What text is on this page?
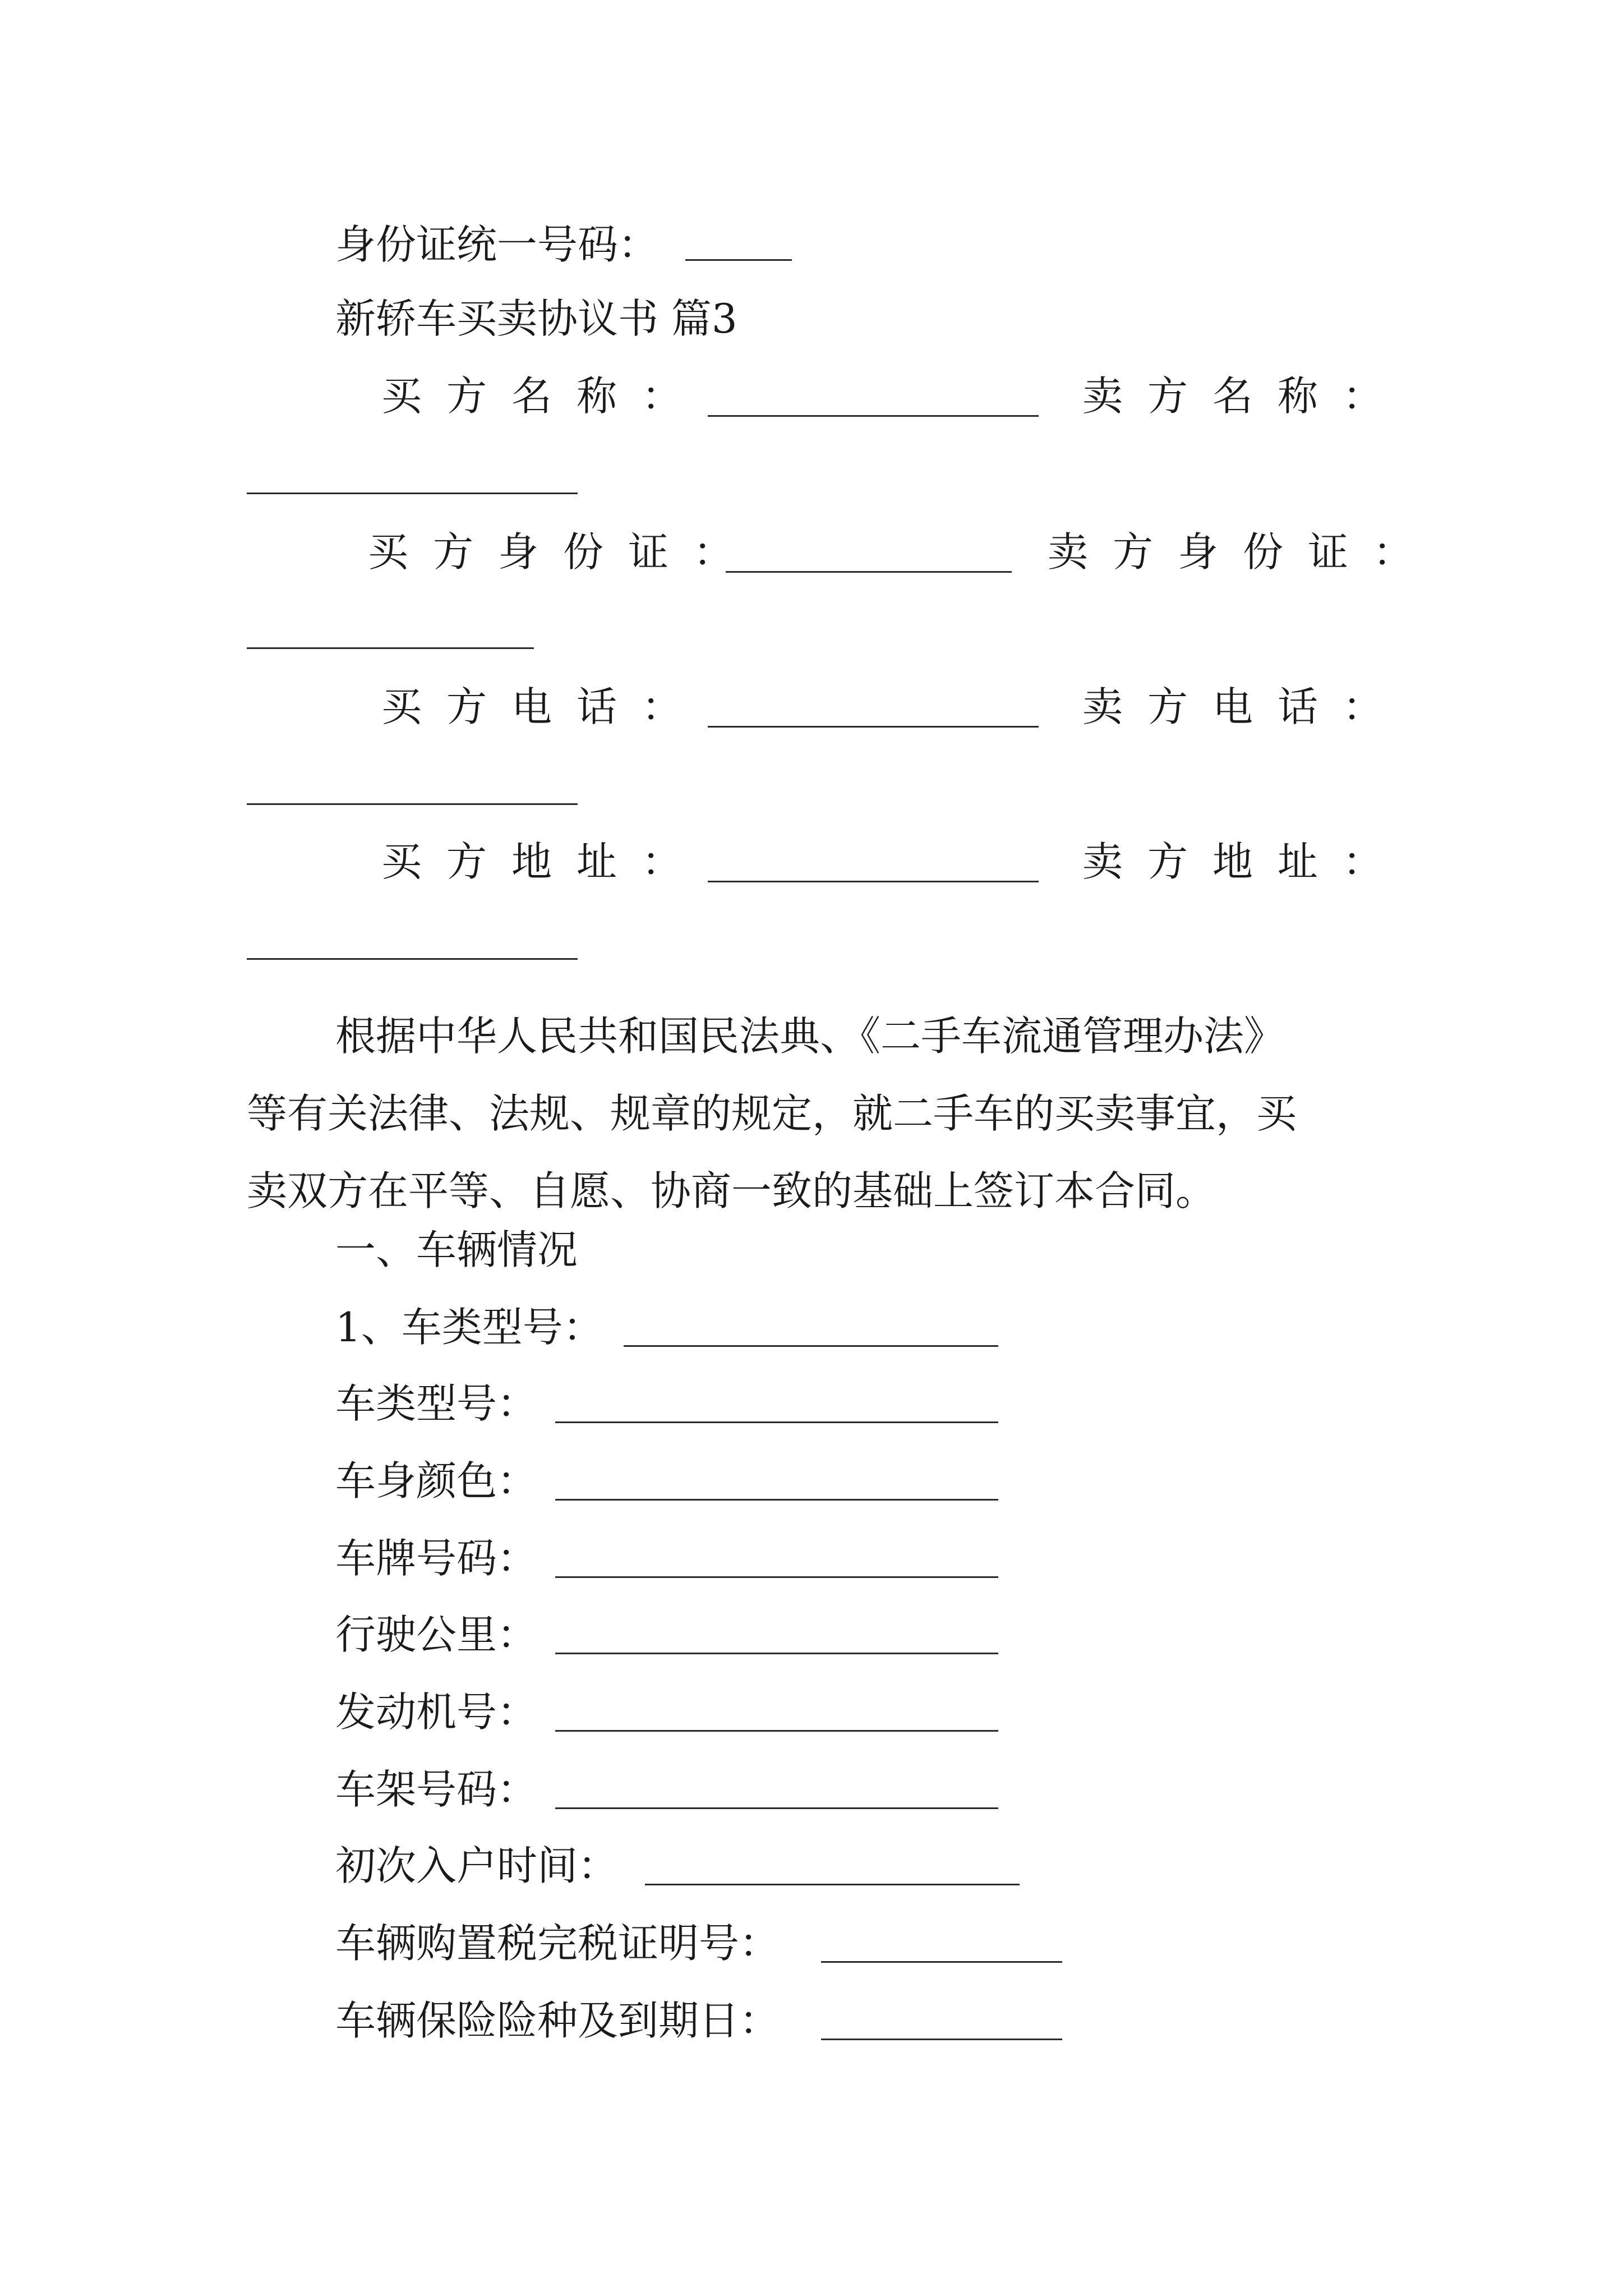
身份证统一号码：
新轿车买卖协议书 篇3
买方名称：	卖方名称：
买方身份证：	卖方身份证：
买方电话：	卖方电话：
买方地址：	卖方地址：
根据中华人民共和国民法典、《二手车流通管理办法》
等有关法律、法规、规章的规定，就二手车的买卖事宜，买
卖双方在平等、自愿、协商一致的基础上签订本合同。
一、车辆情况
1、车类型号：
车类型号：
车身颜色：
车牌号码：
行驶公里：
发动机号：
车架号码：
初次入户时间：
车辆购置税完税证明号：
车辆保险险种及到期日：
